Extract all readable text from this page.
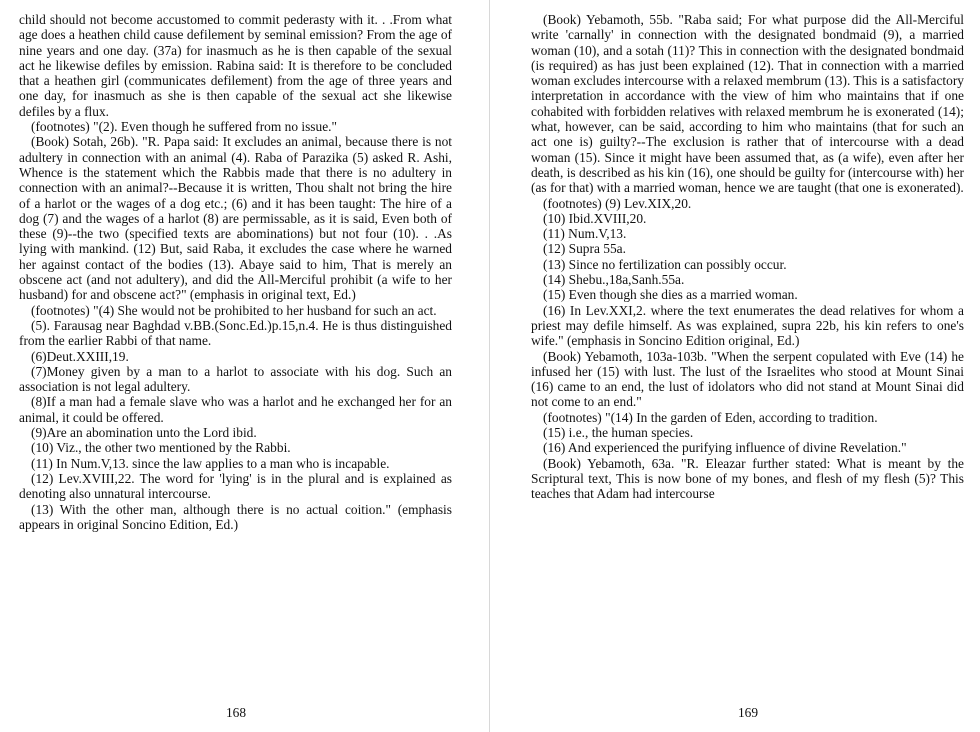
child should not become accustomed to commit pederasty with it. . .From what age does a heathen child cause defilement by seminal emission? From the age of nine years and one day. (37a) for inasmuch as he is then capable of the sexual act he likewise defiles by emission. Rabina said: It is therefore to be concluded that a heathen girl (communicates defilement) from the age of three years and one day, for inasmuch as she is then capable of the sexual act she likewise defiles by a flux.

(footnotes) "(2). Even though he suffered from no issue."

(Book) Sotah, 26b). "R. Papa said: It excludes an animal, because there is not adultery in connection with an animal (4). Raba of Parazika (5) asked R. Ashi, Whence is the statement which the Rabbis made that there is no adultery in connection with an animal?--Because it is written, Thou shalt not bring the hire of a harlot or the wages of a dog etc.; (6) and it has been taught: The hire of a dog (7) and the wages of a harlot (8) are permissable, as it is said, Even both of these (9)--the two (specified texts are abominations) but not four (10). . .As lying with mankind. (12) But, said Raba, it excludes the case where he warned her against contact of the bodies (13). Abaye said to him, That is merely an obscene act (and not adultery), and did the All-Merciful prohibit (a wife to her husband) for and obscene act?" (emphasis in original text, Ed.)

(footnotes) "(4) She would not be prohibited to her husband for such an act.

(5). Farausag near Baghdad v.BB.(Sonc.Ed.)p.15,n.4. He is thus distinguished from the earlier Rabbi of that name.

(6)Deut.XXIII,19.

(7)Money given by a man to a harlot to associate with his dog. Such an association is not legal adultery.

(8)If a man had a female slave who was a harlot and he exchanged her for an animal, it could be offered.

(9)Are an abomination unto the Lord ibid.

(10) Viz., the other two mentioned by the Rabbi.

(11) In Num.V,13. since the law applies to a man who is incapable.

(12) Lev.XVIII,22. The word for 'lying' is in the plural and is explained as denoting also unnatural intercourse.

(13) With the other man, although there is no actual coition." (emphasis appears in original Soncino Edition, Ed.)

168

(Book) Yebamoth, 55b. "Raba said; For what purpose did the All-Merciful write 'carnally' in connection with the designated bondmaid (9), a married woman (10), and a sotah (11)? This in connection with the designated bondmaid (is required) as has just been explained (12). That in connection with a married woman excludes intercourse with a relaxed membrum (13). This is a satisfactory interpretation in accordance with the view of him who maintains that if one cohabited with forbidden relatives with relaxed membrum he is exonerated (14); what, however, can be said, according to him who maintains (that for such an act one is) guilty?--The exclusion is rather that of intercourse with a dead woman (15). Since it might have been assumed that, as (a wife), even after her death, is described as his kin (16), one should be guilty for (intercourse with) her (as for that) with a married woman, hence we are taught (that one is exonerated).

(footnotes) (9) Lev.XIX,20.

(10) Ibid.XVIII,20.

(11) Num.V,13.

(12) Supra 55a.

(13) Since no fertilization can possibly occur.

(14) Shebu.,18a,Sanh.55a.

(15) Even though she dies as a married woman.

(16) In Lev.XXI,2. where the text enumerates the dead relatives for whom a priest may defile himself. As was explained, supra 22b, his kin refers to one's wife." (emphasis in Soncino Edition original, Ed.)

(Book) Yebamoth, 103a-103b. "When the serpent copulated with Eve (14) he infused her (15) with lust. The lust of the Israelites who stood at Mount Sinai (16) came to an end, the lust of idolators who did not stand at Mount Sinai did not come to an end."

(footnotes) "(14) In the garden of Eden, according to tradition.

(15) i.e., the human species.

(16) And experienced the purifying influence of divine Revelation."

(Book) Yebamoth, 63a. "R. Eleazar further stated: What is meant by the Scriptural text, This is now bone of my bones, and flesh of my flesh (5)? This teaches that Adam had intercourse

169
